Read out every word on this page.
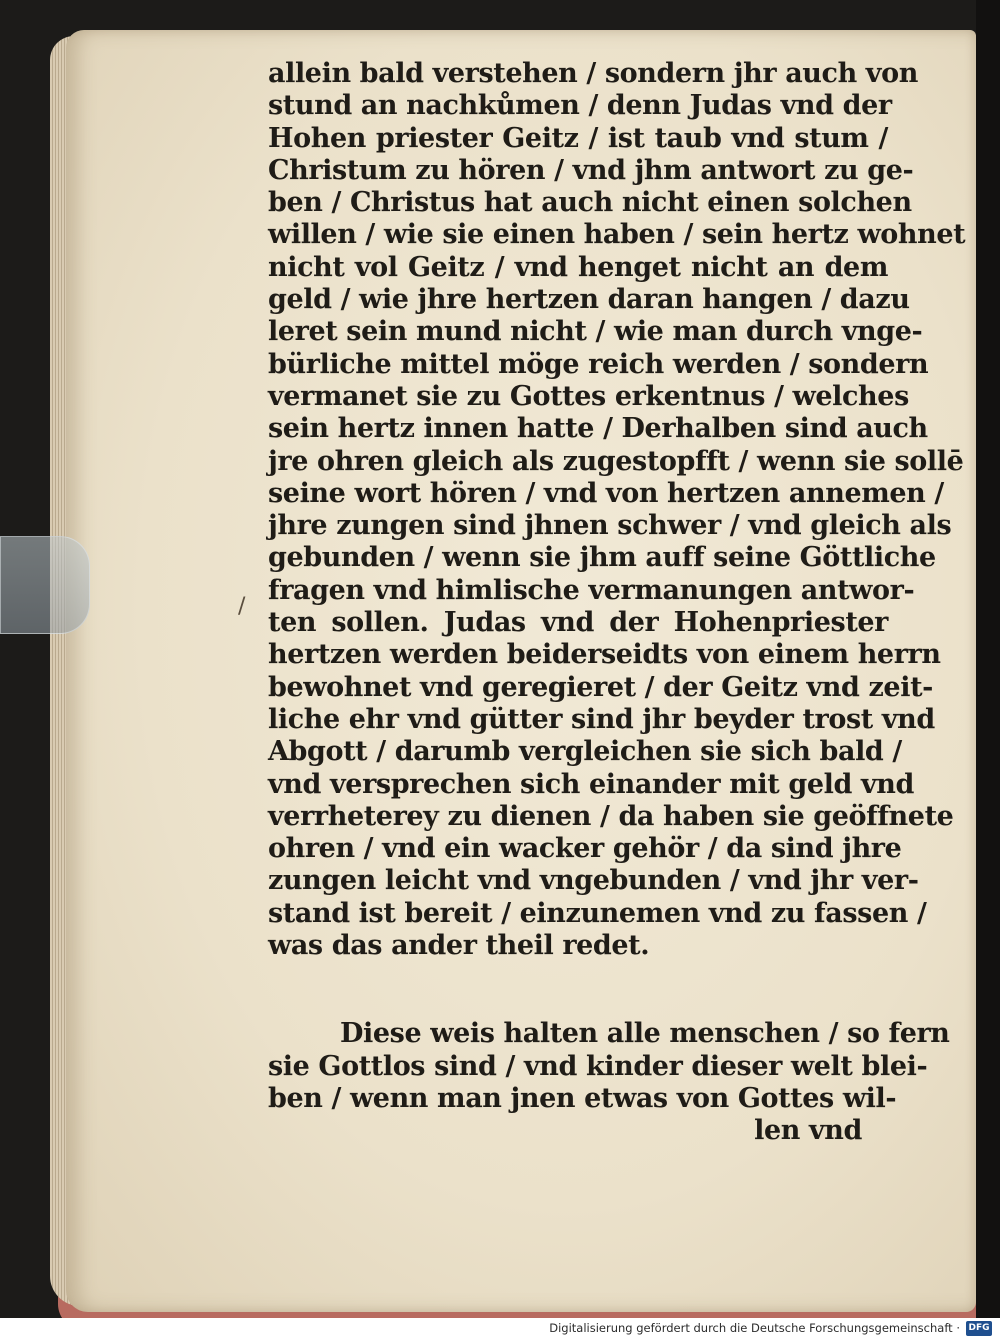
/
allein bald verstehen / sondern jhr auch von
stund an nachkůmen / denn Judas vnd der
Hohen priester Geitz / ist taub vnd stum /
Christum zu hören / vnd jhm antwort zu ge-
ben / Christus hat auch nicht einen solchen
willen / wie sie einen haben / sein hertz wohnet
nicht vol Geitz / vnd henget nicht an dem
geld / wie jhre hertzen daran hangen / dazu
leret sein mund nicht / wie man durch vnge-
bürliche mittel möge reich werden / sondern
vermanet sie zu Gottes erkentnus / welches
sein hertz innen hatte / Derhalben sind auch
jre ohren gleich als zugestopfft / wenn sie sollē
seine wort hören / vnd von hertzen annemen /
jhre zungen sind jhnen schwer / vnd gleich als
gebunden / wenn sie jhm auff seine Göttliche
fragen vnd himlische vermanungen antwor-
ten sollen. Judas vnd der Hohenpriester
hertzen werden beiderseidts von einem herrn
bewohnet vnd geregieret / der Geitz vnd zeit-
liche ehr vnd gütter sind jhr beyder trost vnd
Abgott / darumb vergleichen sie sich bald /
vnd versprechen sich einander mit geld vnd
verrheterey zu dienen / da haben sie geöffnete
ohren / vnd ein wacker gehör / da sind jhre
zungen leicht vnd vngebunden / vnd jhr ver-
stand ist bereit / einzunemen vnd zu fassen /
was das ander theil redet.
Diese weis halten alle menschen / so fern
sie Gottlos sind / vnd kinder dieser welt blei-
ben / wenn man jnen etwas von Gottes wil-
len vnd
Digitalisierung gefördert durch die Deutsche Forschungsgemeinschaft · DFG
